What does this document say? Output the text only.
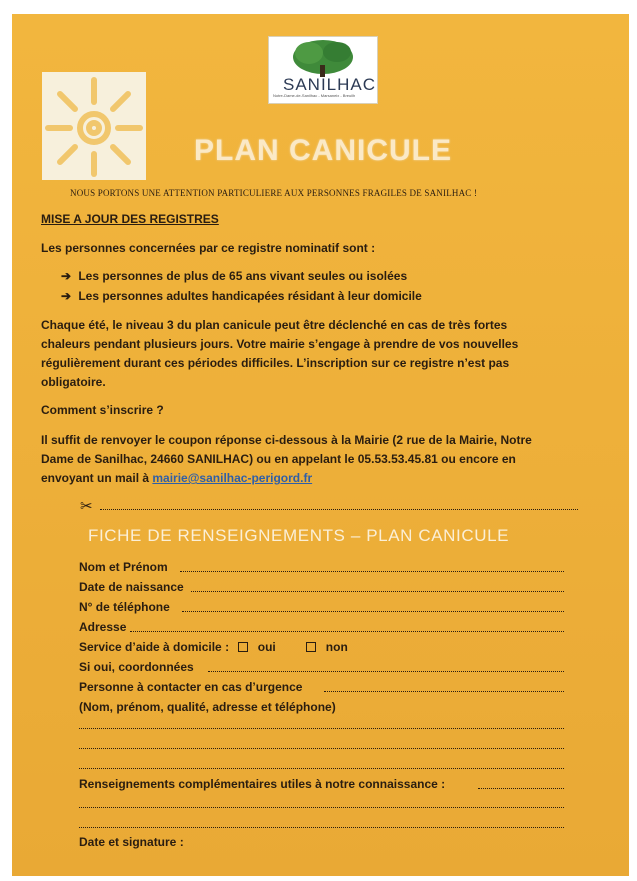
SANILHAC
Notre-Dame-de-Sanilhac - Marsaneix - Breuilh
PLAN CANICULE
NOUS PORTONS UNE ATTENTION PARTICULIERE AUX PERSONNES FRAGILES DE SANILHAC !
MISE A JOUR DES REGISTRES
Les personnes concernées par ce registre nominatif sont :
➔ Les personnes de plus de 65 ans vivant seules ou isolées
➔ Les personnes adultes handicapées résidant à leur domicile
Chaque été, le niveau 3 du plan canicule peut être déclenché en cas de très fortes
chaleurs pendant plusieurs jours. Votre mairie s’engage à prendre de vos nouvelles
régulièrement durant ces périodes difficiles. L’inscription sur ce registre n’est pas
obligatoire.
Comment s’inscrire ?
Il suffit de renvoyer le coupon réponse ci-dessous à la Mairie (2 rue de la Mairie, Notre
Dame de Sanilhac, 24660 SANILHAC) ou en appelant le 05.53.53.45.81 ou encore en
envoyant un mail à mairie@sanilhac-perigord.fr
✂
FICHE DE RENSEIGNEMENTS – PLAN CANICULE
Nom et Prénom
Date de naissance
N° de téléphone
Adresse
Service d’aide à domicile : oui	non
Si oui, coordonnées
Personne à contacter en cas d’urgence
(Nom, prénom, qualité, adresse et téléphone)
Renseignements complémentaires utiles à notre connaissance :
Date et signature :
